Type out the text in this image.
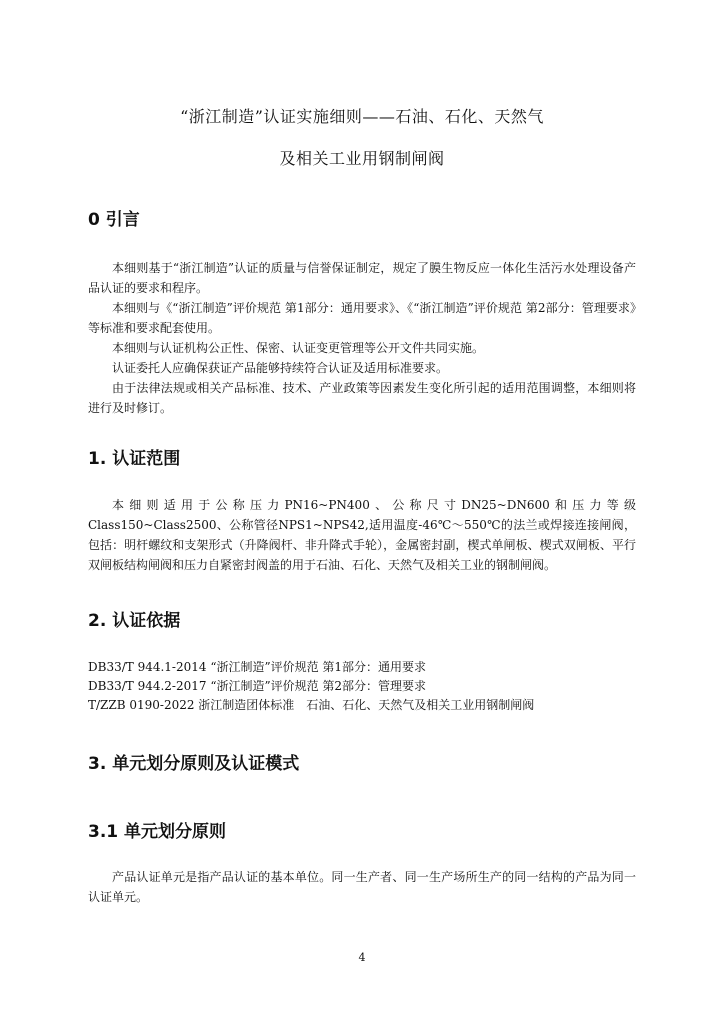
“浙江制造”认证实施细则——石油、石化、天然气
及相关工业用钢制闸阀
0 引言

本细则基于“浙江制造”认证的质量与信誉保证制定，规定了膜生物反应一体化生活污水处理设备产品认证的要求和程序。

本细则与《“浙江制造”评价规范 第1部分：通用要求》、《“浙江制造”评价规范 第2部分：管理要求》等标准和要求配套使用。

本细则与认证机构公正性、保密、认证变更管理等公开文件共同实施。

认证委托人应确保获证产品能够持续符合认证及适用标准要求。

由于法律法规或相关产品标准、技术、产业政策等因素发生变化所引起的适用范围调整，本细则将进行及时修订。

1. 认证范围

本细则适用于公称压力PN16~PN400、公称尺寸DN25~DN600和压力等级Class150~Class2500、公称管径NPS1~NPS42,适用温度-46℃～550℃的法兰或焊接连接闸阀，包括：明杆螺纹和支架形式（升降阀杆、非升降式手轮），金属密封副，楔式单闸板、楔式双闸板、平行双闸板结构闸阀和压力自紧密封阀盖的用于石油、石化、天然气及相关工业的钢制闸阀。

2. 认证依据
DB33/T 944.1-2014 “浙江制造”评价规范 第1部分：通用要求
DB33/T 944.2-2017 “浙江制造”评价规范 第2部分：管理要求
T/ZZB 0190-2022 浙江制造团体标准　石油、石化、天然气及相关工业用钢制闸阀
3. 单元划分原则及认证模式
3.1 单元划分原则

产品认证单元是指产品认证的基本单位。同一生产者、同一生产场所生产的同一结构的产品为同一认证单元。

4
